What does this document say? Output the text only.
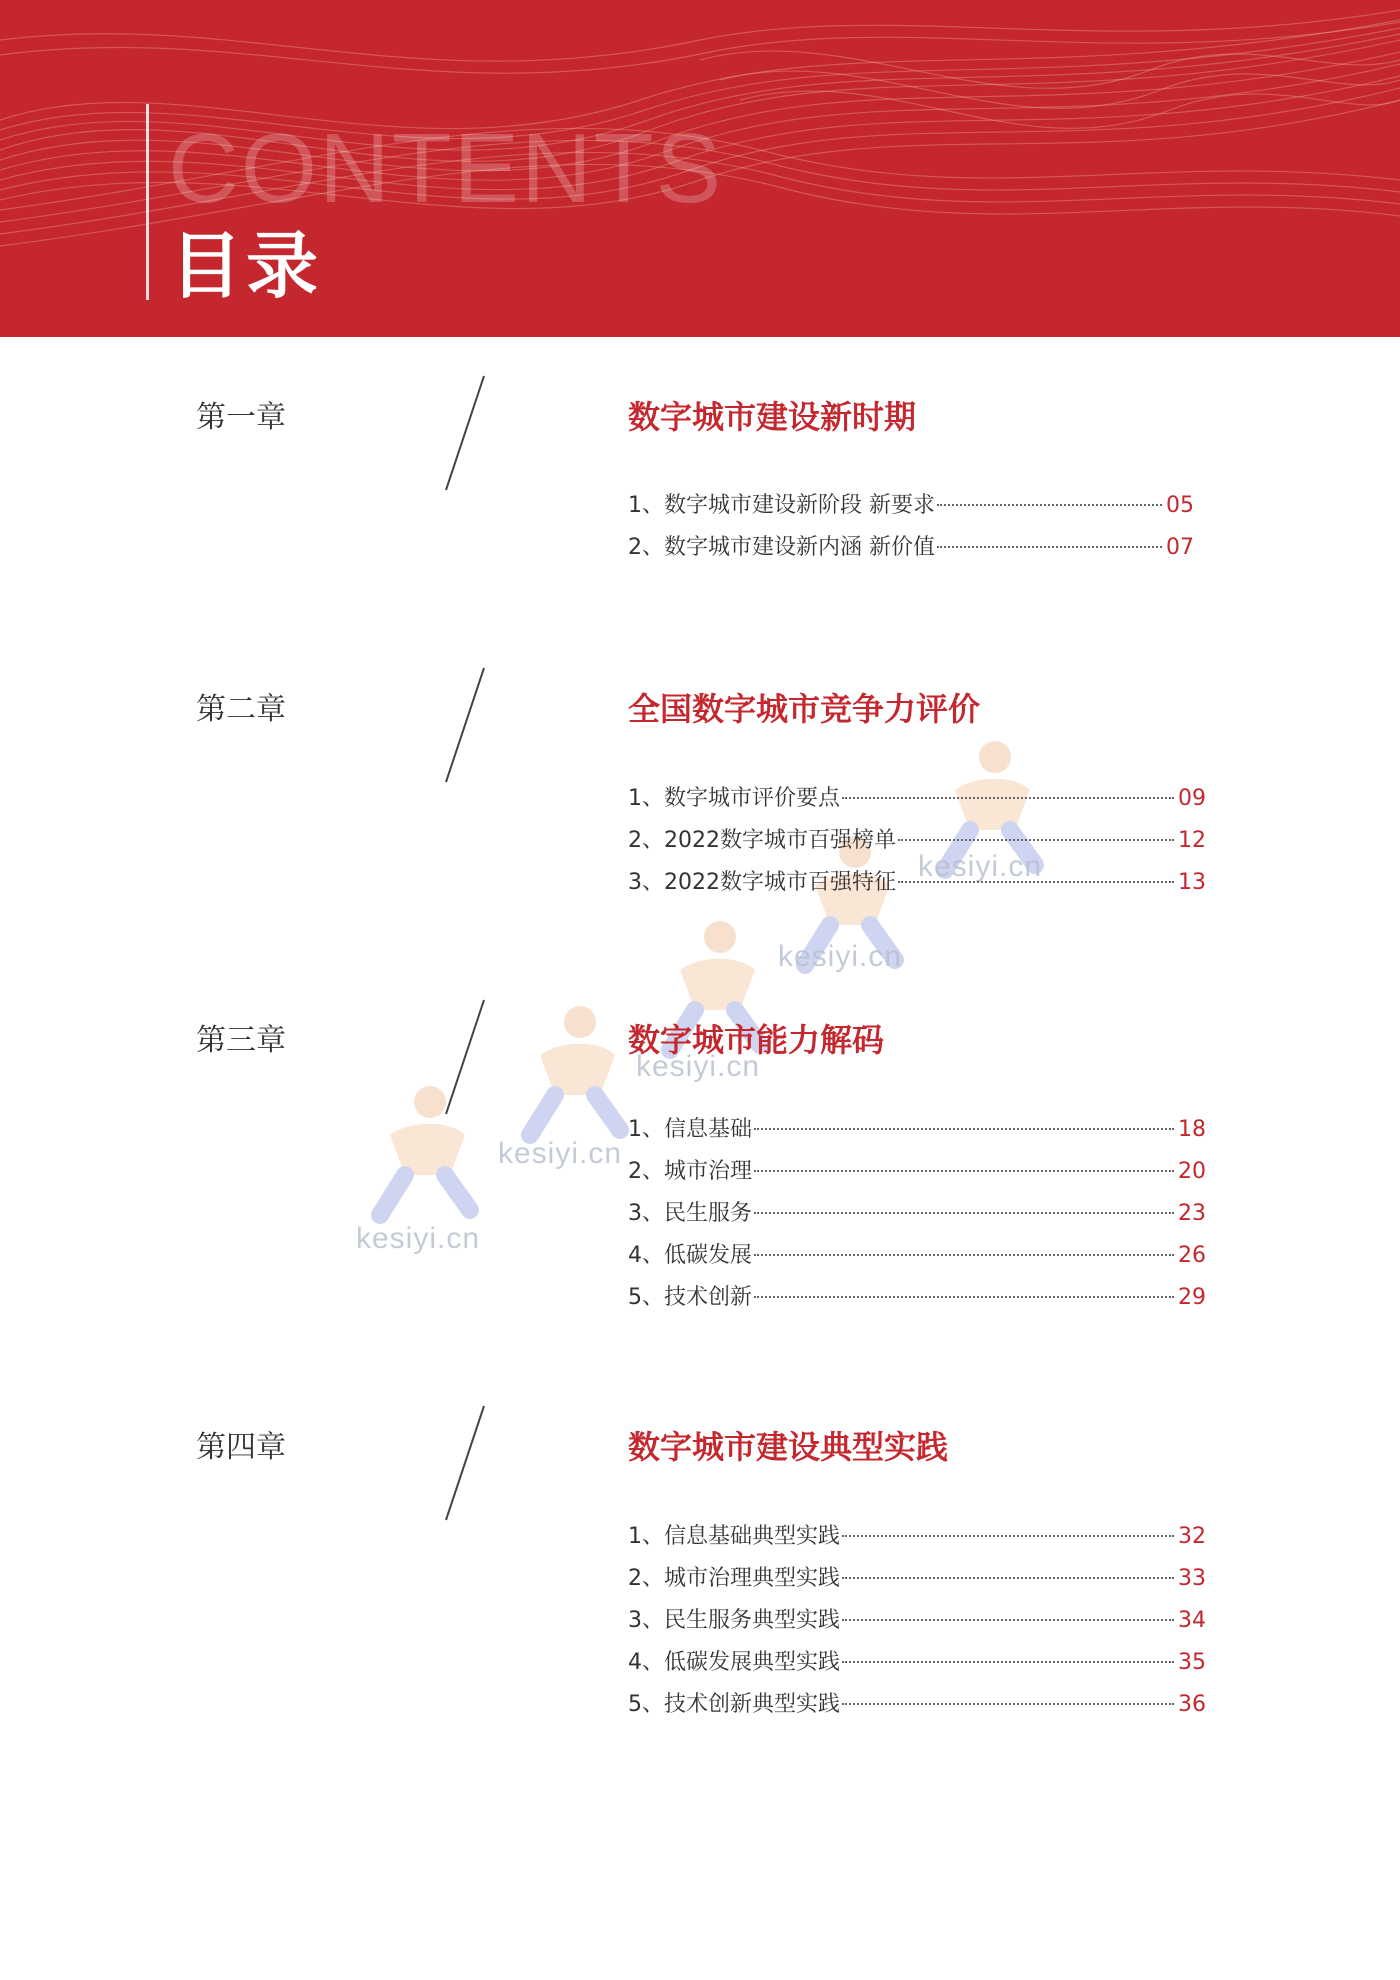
CONTENTS
目录
kesiyi.cn
kesiyi.cn
kesiyi.cn
kesiyi.cn
kesiyi.cn
第一章	数字城市建设新时期
1、数字城市建设新阶段 新要求	05
2、数字城市建设新内涵 新价值	07
第二章	全国数字城市竞争力评价
1、数字城市评价要点	09
2、2022数字城市百强榜单	12
3、2022数字城市百强特征	13
第三章	数字城市能力解码
1、信息基础	18
2、城市治理	20
3、民生服务	23
4、低碳发展	26
5、技术创新	29
第四章	数字城市建设典型实践
1、信息基础典型实践	32
2、城市治理典型实践	33
3、民生服务典型实践	34
4、低碳发展典型实践	35
5、技术创新典型实践	36
